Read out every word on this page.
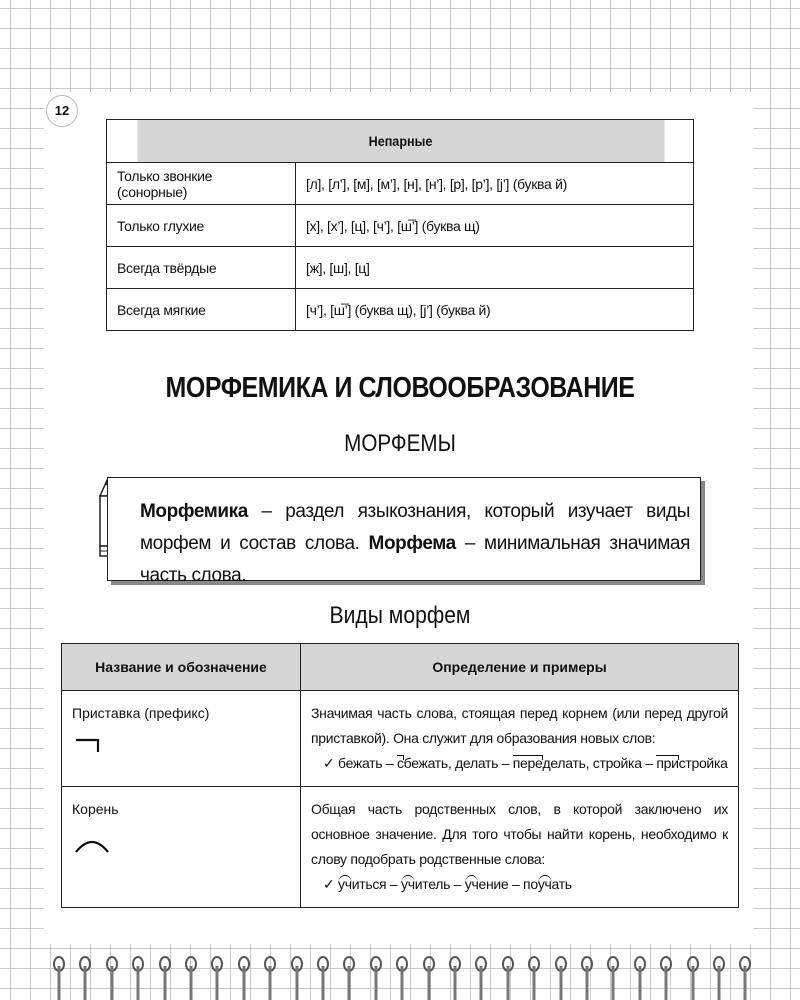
12
Непарные	
Только звонкие (сонорные)	[л], [л’], [м], [м’], [н], [н’], [р], [р’], [j’] (буква й)
Только глухие	[х], [х’], [ц], [ч’], [ш̅’] (буква щ)
Всегда твёрдые	[ж], [ш], [ц]
Всегда мягкие	[ч’], [ш̅’] (буква щ), [j’] (буква й)
МОРФЕМИКА И СЛОВООБРАЗОВАНИЕ
МОРФЕМЫ
Морфемика – раздел языкознания, который изучает виды морфем и состав слова. Морфема – минимальная значимая часть слова.
Виды морфем
Название и обозначение	Определение и примеры
Приставка (префикс)	Значимая часть слова, стоящая перед корнем (или перед другой приставкой). Она служит для образования новых слов:
✓ бежать – сбежать, делать – переделать, стройка – пристройка

Корень	Общая часть родственных слов, в которой заключено их основное значение. Для того чтобы найти корень, необходимо к слову подобрать родственные слова:
✓ учиться – учитель – учение – поучать
